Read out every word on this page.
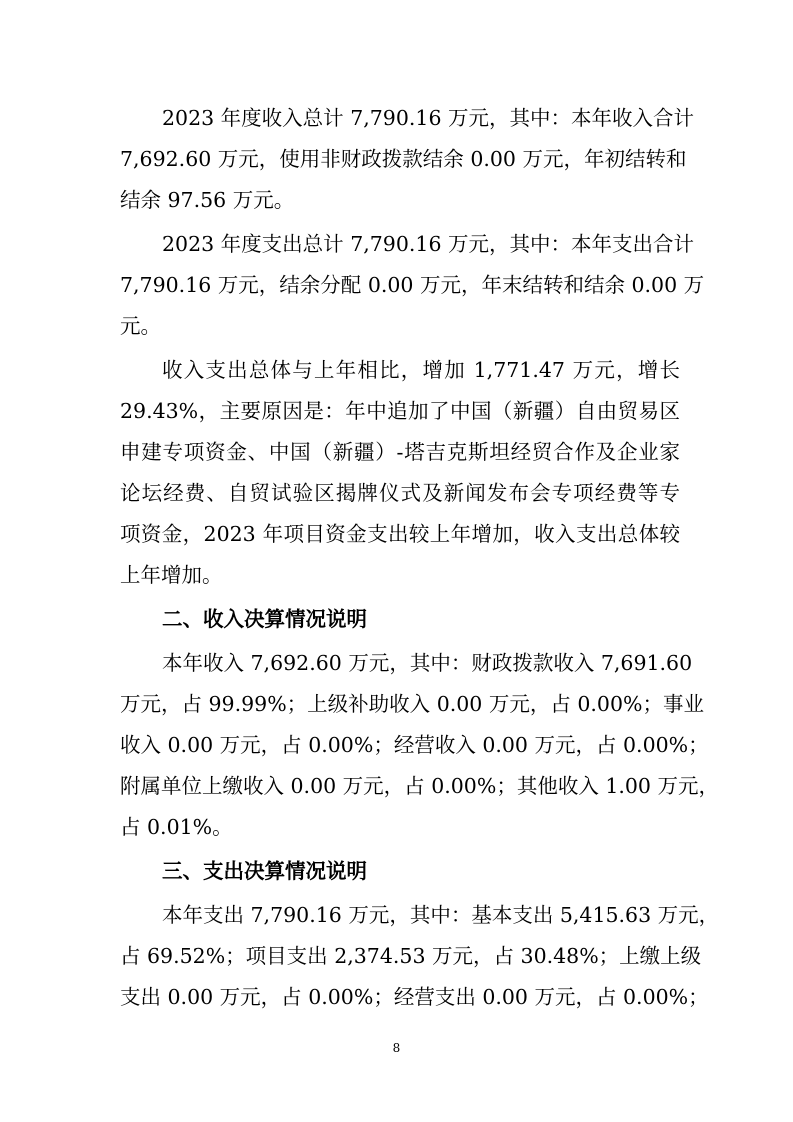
2023 年度收入总计 7,790.16 万元，其中：本年收入合计
7,692.60 万元，使用非财政拨款结余 0.00 万元，年初结转和
结余 97.56 万元。
2023 年度支出总计 7,790.16 万元，其中：本年支出合计
7,790.16 万元，结余分配 0.00 万元，年末结转和结余 0.00 万
元。
收入支出总体与上年相比，增加 1,771.47 万元，增长
29.43%，主要原因是：年中追加了中国（新疆）自由贸易区
申建专项资金、中国（新疆）-塔吉克斯坦经贸合作及企业家
论坛经费、自贸试验区揭牌仪式及新闻发布会专项经费等专
项资金，2023 年项目资金支出较上年增加，收入支出总体较
上年增加。
二、收入决算情况说明
本年收入 7,692.60 万元，其中：财政拨款收入 7,691.60
万元，占 99.99%；上级补助收入 0.00 万元，占 0.00%；事业
收入 0.00 万元，占 0.00%；经营收入 0.00 万元，占 0.00%；
附属单位上缴收入 0.00 万元，占 0.00%；其他收入 1.00 万元，
占 0.01%。
三、支出决算情况说明
本年支出 7,790.16 万元，其中：基本支出 5,415.63 万元，
占 69.52%；项目支出 2,374.53 万元，占 30.48%；上缴上级
支出 0.00 万元，占 0.00%；经营支出 0.00 万元，占 0.00%；
8
